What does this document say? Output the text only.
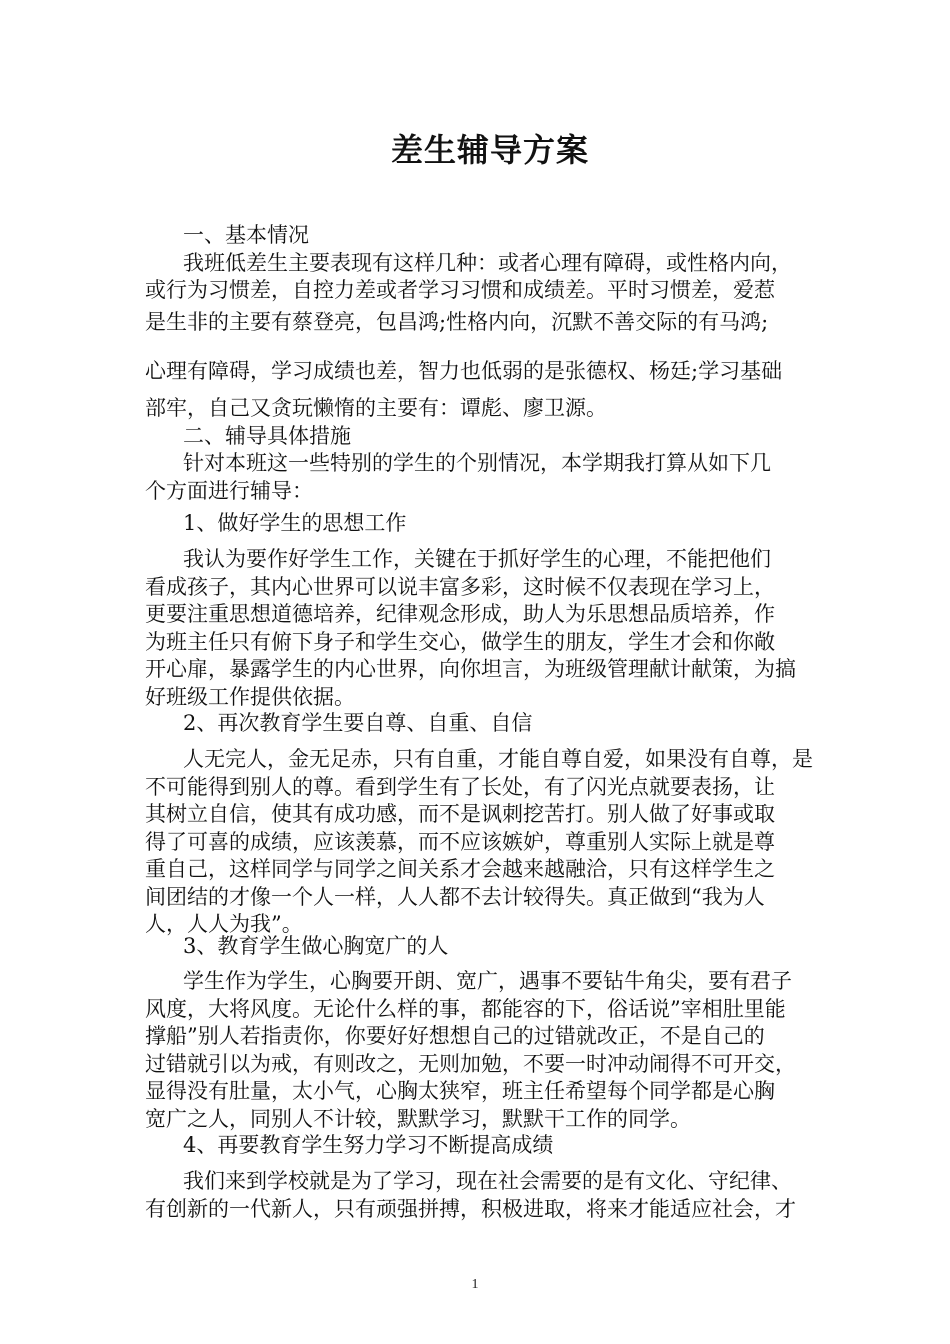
差生辅导方案
一、基本情况
我班低差生主要表现有这样几种：或者心理有障碍，或性格内向，
或行为习惯差，自控力差或者学习习惯和成绩差。平时习惯差，爱惹
是生非的主要有蔡登亮，包昌鸿;性格内向，沉默不善交际的有马鸿;
心理有障碍，学习成绩也差，智力也低弱的是张德权、杨廷;学习基础
部牢，自己又贪玩懒惰的主要有：谭彪、廖卫源。
二、辅导具体措施
针对本班这一些特别的学生的个别情况，本学期我打算从如下几
个方面进行辅导：
1、做好学生的思想工作
我认为要作好学生工作，关键在于抓好学生的心理，不能把他们
看成孩子，其内心世界可以说丰富多彩，这时候不仅表现在学习上，
更要注重思想道德培养，纪律观念形成，助人为乐思想品质培养，作
为班主任只有俯下身子和学生交心，做学生的朋友，学生才会和你敞
开心扉，暴露学生的内心世界，向你坦言，为班级管理献计献策，为搞
好班级工作提供依据。
2、再次教育学生要自尊、自重、自信
人无完人，金无足赤，只有自重，才能自尊自爱，如果没有自尊，是
不可能得到别人的尊。看到学生有了长处，有了闪光点就要表扬，让
其树立自信，使其有成功感，而不是讽刺挖苦打。别人做了好事或取
得了可喜的成绩，应该羡慕，而不应该嫉妒，尊重别人实际上就是尊
重自己，这样同学与同学之间关系才会越来越融洽，只有这样学生之
间团结的才像一个人一样，人人都不去计较得失。真正做到“我为人
人，人人为我”。
3、教育学生做心胸宽广的人
学生作为学生，心胸要开朗、宽广，遇事不要钻牛角尖，要有君子
风度，大将风度。无论什么样的事，都能容的下，俗话说”宰相肚里能
撑船”别人若指责你，你要好好想想自己的过错就改正，不是自己的
过错就引以为戒，有则改之，无则加勉，不要一时冲动闹得不可开交，
显得没有肚量，太小气，心胸太狭窄，班主任希望每个同学都是心胸
宽广之人，同别人不计较，默默学习，默默干工作的同学。
4、再要教育学生努力学习不断提高成绩
我们来到学校就是为了学习，现在社会需要的是有文化、守纪律、
有创新的一代新人，只有顽强拼搏，积极进取，将来才能适应社会，才
1
